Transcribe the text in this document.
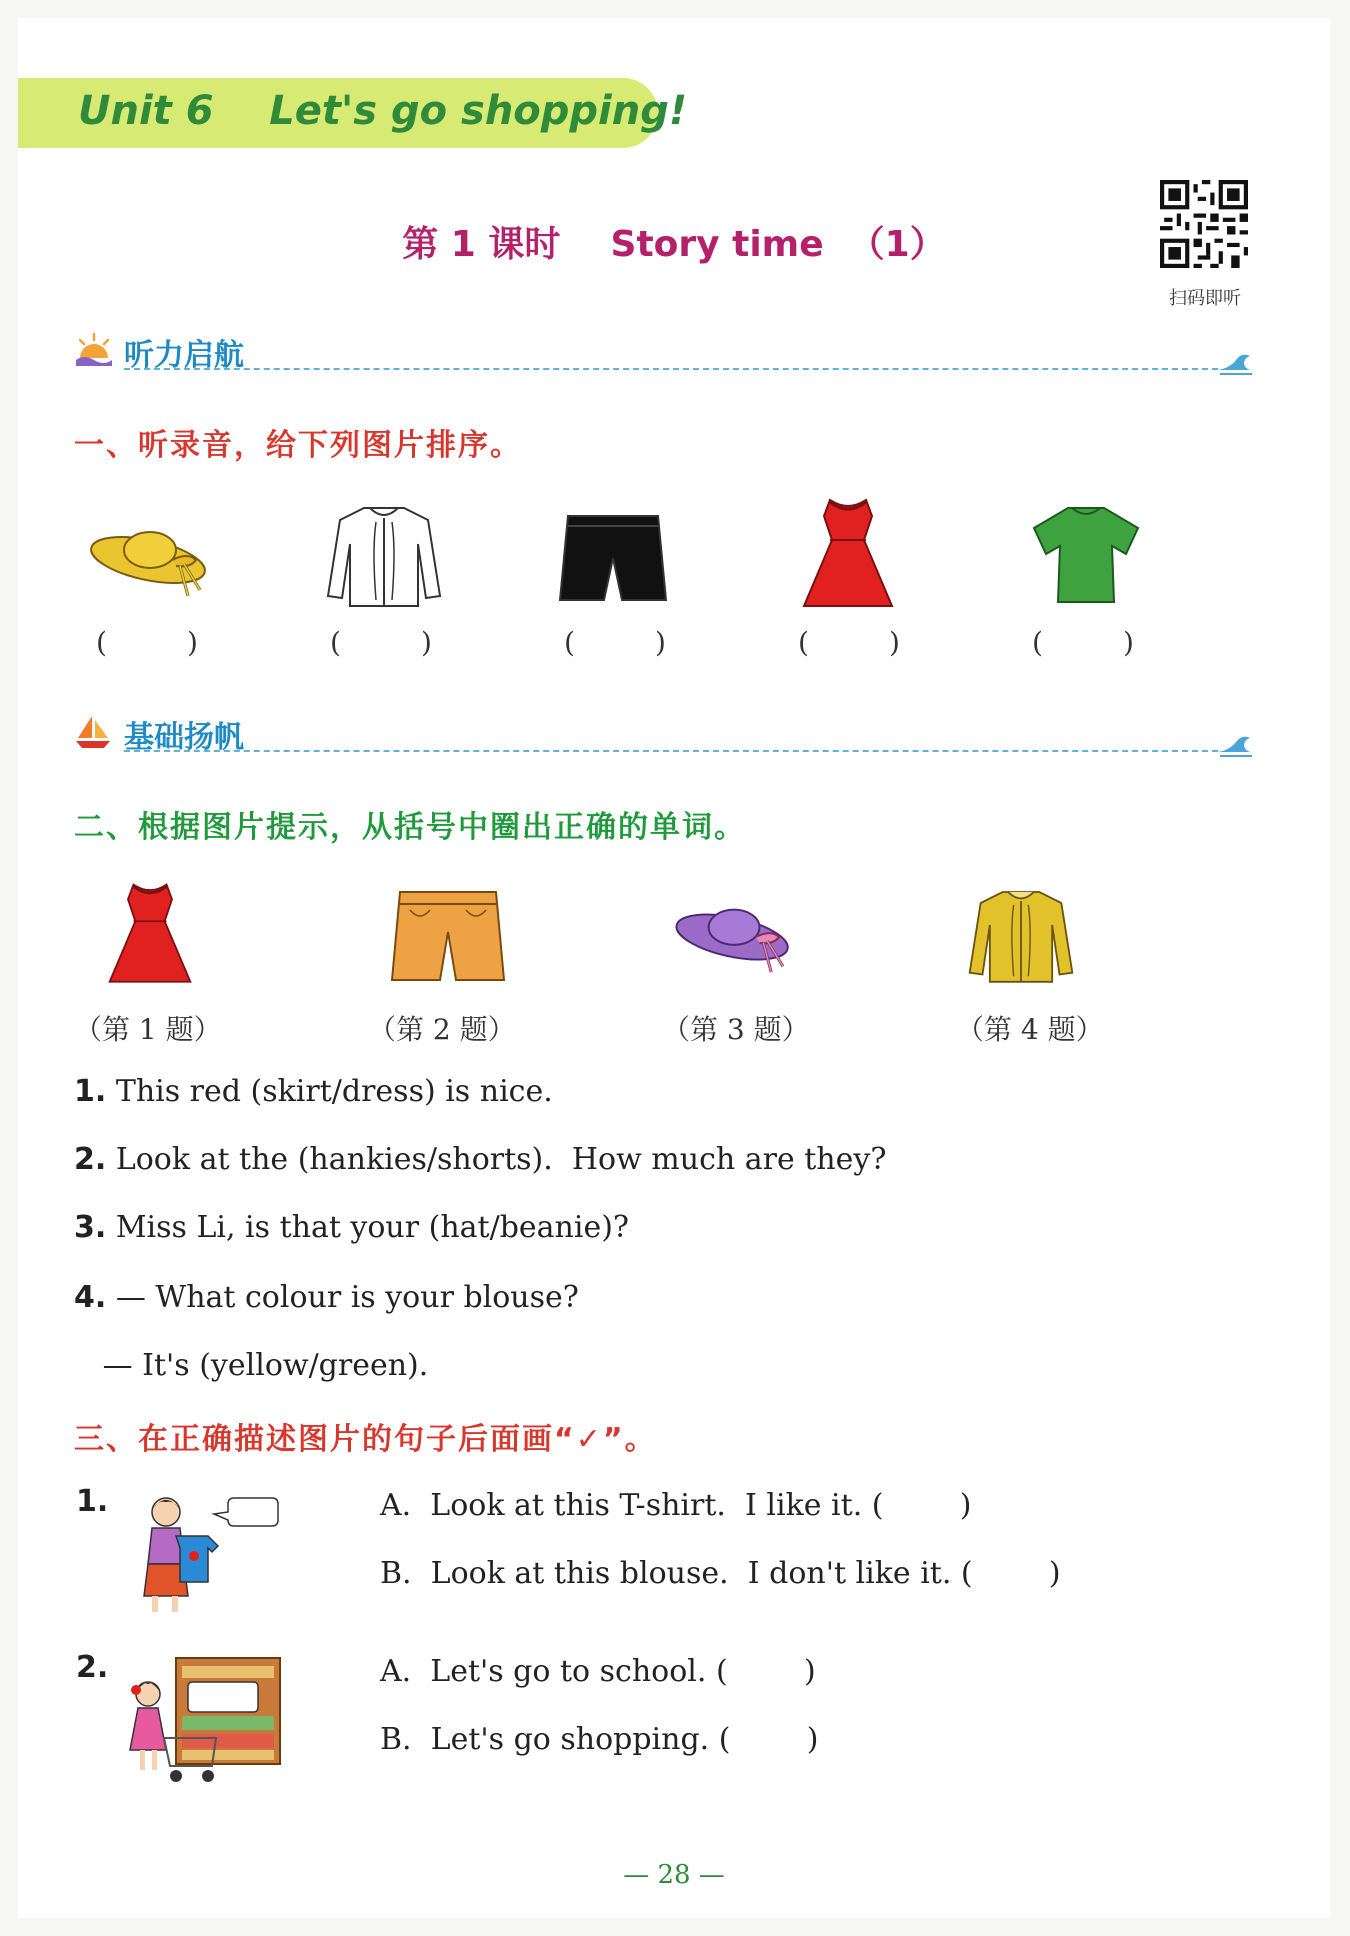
Unit 6    Let's go shopping!
第 1 课时    Story time  （1）
扫码即听
听力启航
一、听录音，给下列图片排序。
(         )	(         )	(         )	(         )	(         )
基础扬帆
二、根据图片提示，从括号中圈出正确的单词。
（第 1 题）	（第 2 题）	（第 3 题）	（第 4 题）
1. This red (skirt/dress) is nice.
2. Look at the (hankies/shorts).  How much are they?
3. Miss Li, is that your (hat/beanie)?
4. — What colour is your blouse?
— It's (yellow/green).
三、在正确描述图片的句子后面画“✓”。
1.	A.  Look at this T-shirt.  I like it. (        )
B.  Look at this blouse.  I don't like it. (        )
2.	A.  Let's go to school. (        )
B.  Let's go shopping. (        )
— 28 —
